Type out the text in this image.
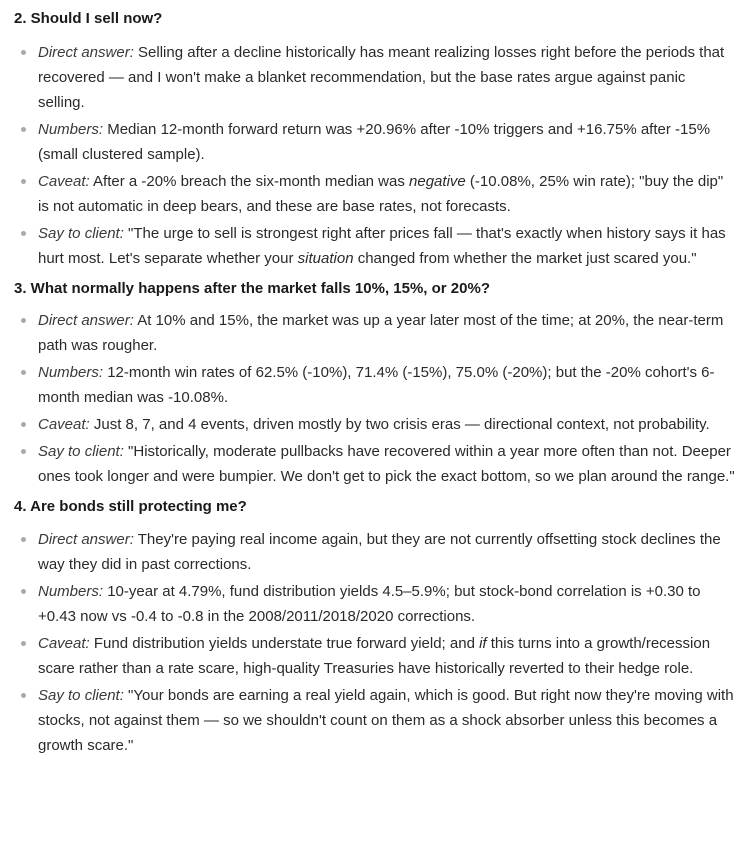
2. Should I sell now?
Direct answer: Selling after a decline historically has meant realizing losses right before the periods that recovered — and I won't make a blanket recommendation, but the base rates argue against panic selling.
Numbers: Median 12-month forward return was +20.96% after -10% triggers and +16.75% after -15% (small clustered sample).
Caveat: After a -20% breach the six-month median was negative (-10.08%, 25% win rate); "buy the dip" is not automatic in deep bears, and these are base rates, not forecasts.
Say to client: "The urge to sell is strongest right after prices fall — that's exactly when history says it has hurt most. Let's separate whether your situation changed from whether the market just scared you."
3. What normally happens after the market falls 10%, 15%, or 20%?
Direct answer: At 10% and 15%, the market was up a year later most of the time; at 20%, the near-term path was rougher.
Numbers: 12-month win rates of 62.5% (-10%), 71.4% (-15%), 75.0% (-20%); but the -20% cohort's 6-month median was -10.08%.
Caveat: Just 8, 7, and 4 events, driven mostly by two crisis eras — directional context, not probability.
Say to client: "Historically, moderate pullbacks have recovered within a year more often than not. Deeper ones took longer and were bumpier. We don't get to pick the exact bottom, so we plan around the range."
4. Are bonds still protecting me?
Direct answer: They're paying real income again, but they are not currently offsetting stock declines the way they did in past corrections.
Numbers: 10-year at 4.79%, fund distribution yields 4.5–5.9%; but stock-bond correlation is +0.30 to +0.43 now vs -0.4 to -0.8 in the 2008/2011/2018/2020 corrections.
Caveat: Fund distribution yields understate true forward yield; and if this turns into a growth/recession scare rather than a rate scare, high-quality Treasuries have historically reverted to their hedge role.
Say to client: "Your bonds are earning a real yield again, which is good. But right now they're moving with stocks, not against them — so we shouldn't count on them as a shock absorber unless this becomes a growth scare."
